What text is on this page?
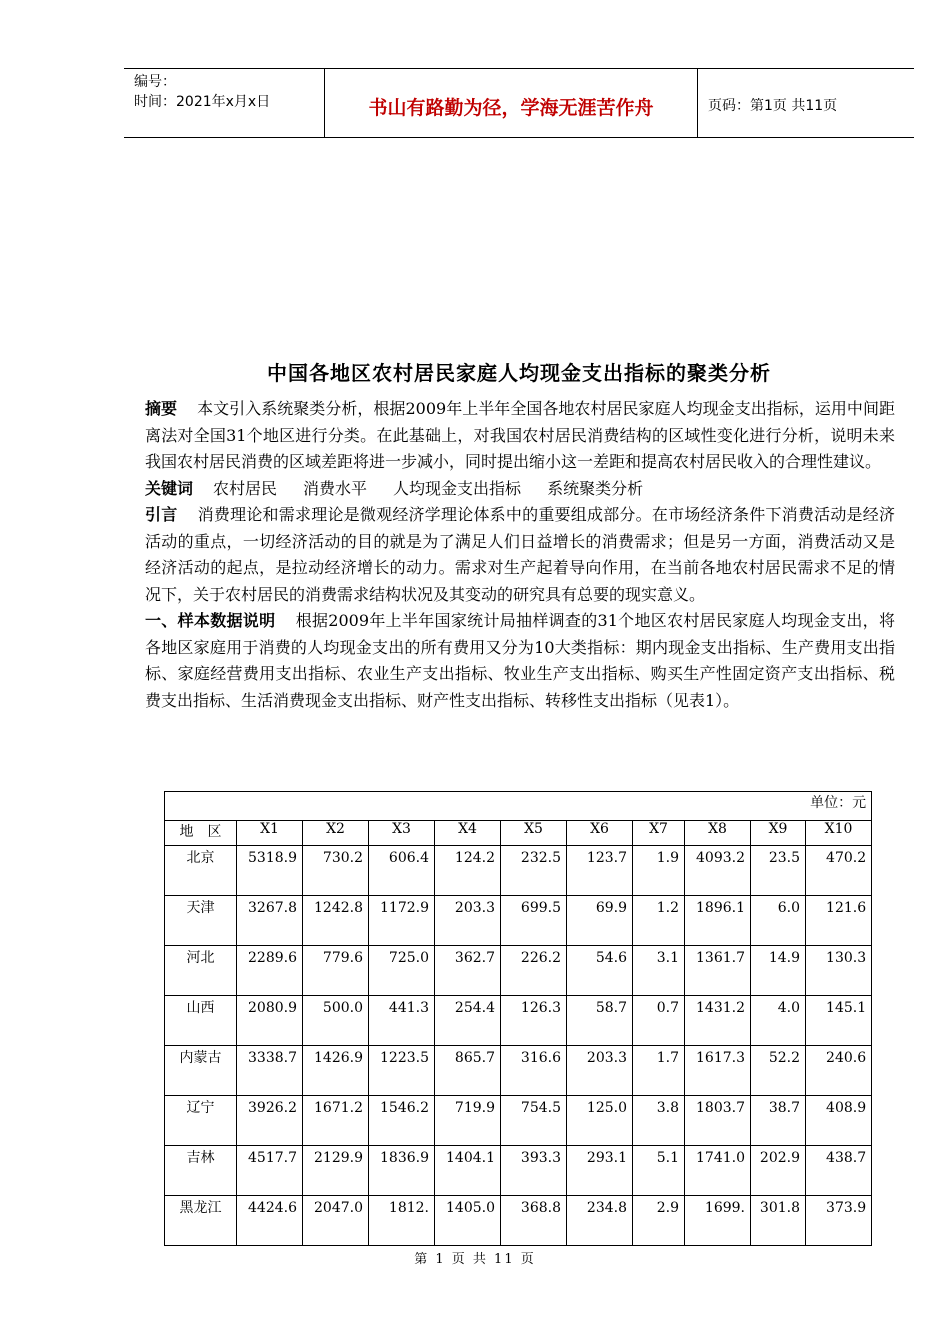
编号：
时间：2021年x月x日	书山有路勤为径，学海无涯苦作舟	页码：第1页 共11页
中国各地区农村居民家庭人均现金支出指标的聚类分析

摘要 本文引入系统聚类分析，根据2009年上半年全国各地农村居民家庭人均现金支出指标，运用中间距离法对全国31个地区进行分类。在此基础上，对我国农村居民消费结构的区域性变化进行分析，说明未来我国农村居民消费的区域差距将进一步减小，同时提出缩小这一差距和提高农村居民收入的合理性建议。

关键词 农村居民 消费水平 人均现金支出指标 系统聚类分析

引言 消费理论和需求理论是微观经济学理论体系中的重要组成部分。在市场经济条件下消费活动是经济活动的重点，一切经济活动的目的就是为了满足人们日益增长的消费需求；但是另一方面，消费活动又是经济活动的起点，是拉动经济增长的动力。需求对生产起着导向作用，在当前各地农村居民需求不足的情况下，关于农村居民的消费需求结构状况及其变动的研究具有总要的现实意义。

一、样本数据说明 根据2009年上半年国家统计局抽样调查的31个地区农村居民家庭人均现金支出，将各地区家庭用于消费的人均现金支出的所有费用又分为10大类指标：期内现金支出指标、生产费用支出指标、家庭经营费用支出指标、农业生产支出指标、牧业生产支出指标、购买生产性固定资产支出指标、税费支出指标、生活消费现金支出指标、财产性支出指标、转移性支出指标（见表1）。

单位：元										
地　区	X1	X2	X3	X4	X5	X6	X7	X8	X9	X10
北京	5318.9	730.2	606.4	124.2	232.5	123.7	1.9	4093.2	23.5	470.2
天津	3267.8	1242.8	1172.9	203.3	699.5	69.9	1.2	1896.1	6.0	121.6
河北	2289.6	779.6	725.0	362.7	226.2	54.6	3.1	1361.7	14.9	130.3
山西	2080.9	500.0	441.3	254.4	126.3	58.7	0.7	1431.2	4.0	145.1
内蒙古	3338.7	1426.9	1223.5	865.7	316.6	203.3	1.7	1617.3	52.2	240.6
辽宁	3926.2	1671.2	1546.2	719.9	754.5	125.0	3.8	1803.7	38.7	408.9
吉林	4517.7	2129.9	1836.9	1404.1	393.3	293.1	5.1	1741.0	202.9	438.7
黑龙江	4424.6	2047.0	1812.	1405.0	368.8	234.8	2.9	1699.	301.8	373.9
第 1 页 共 11 页
